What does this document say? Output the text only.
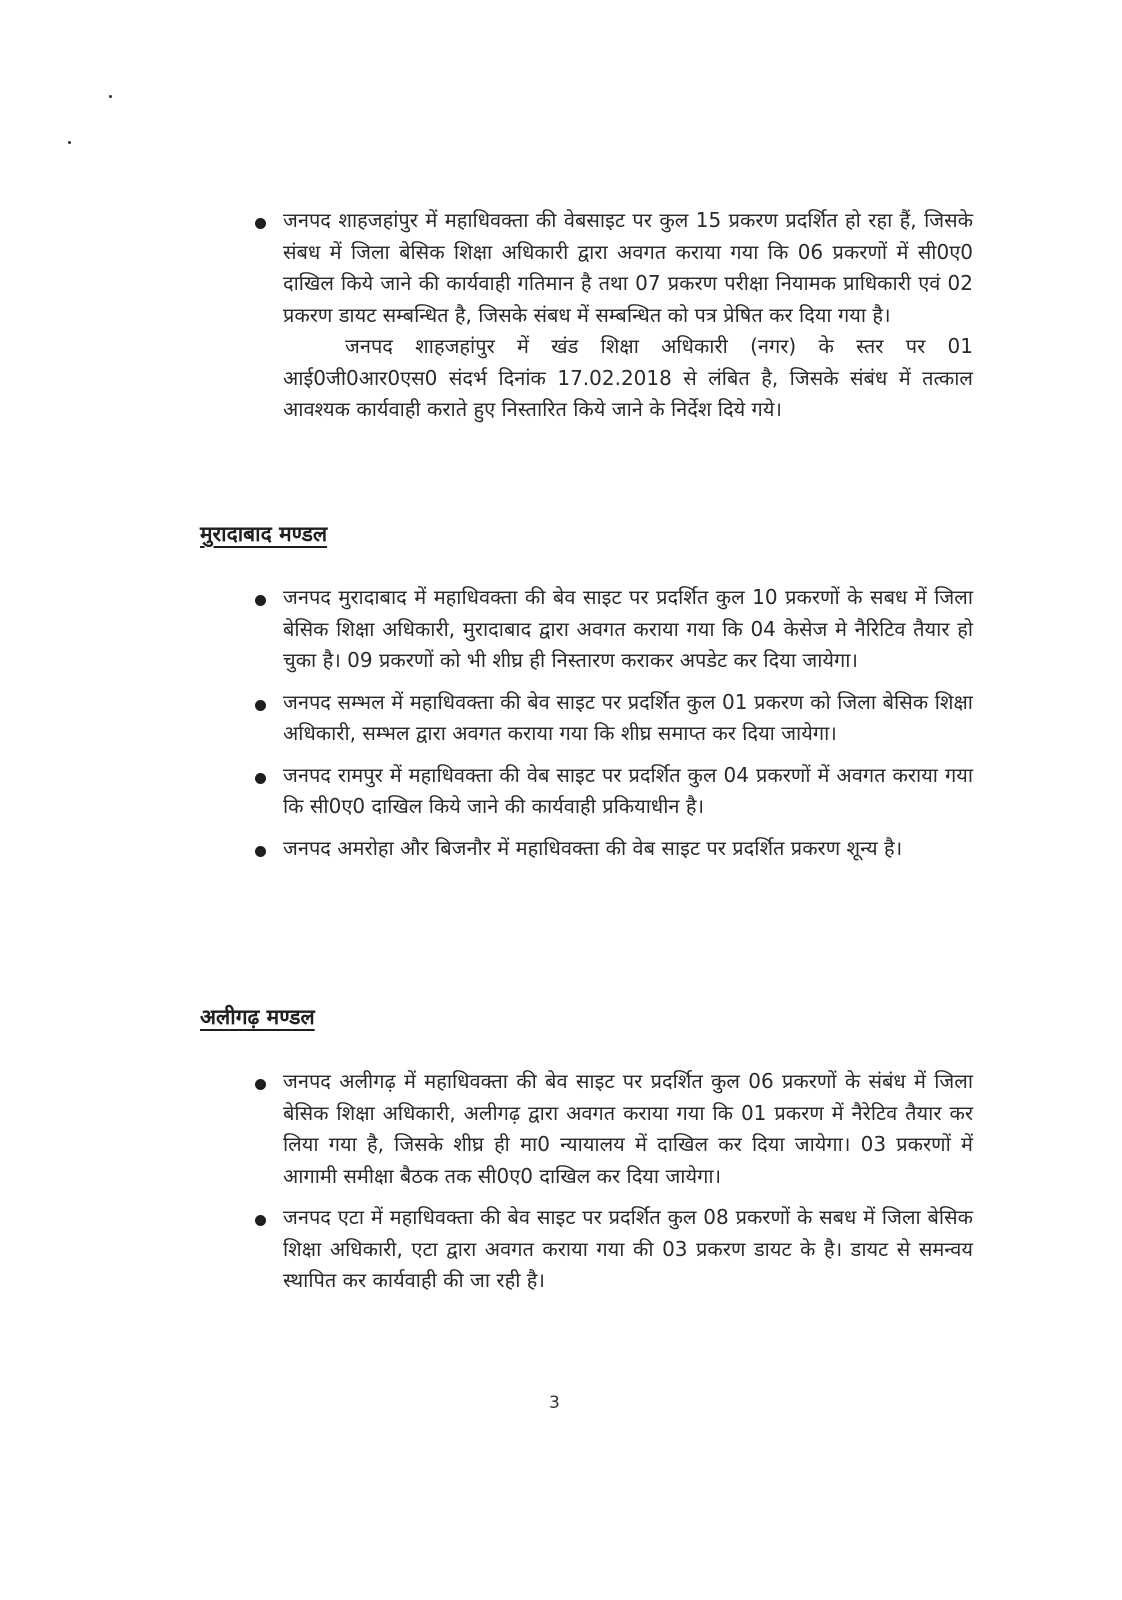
जनपद शाहजहांपुर में महाधिवक्ता की वेबसाइट पर कुल 15 प्रकरण प्रदर्शित हो रहा हैं, जिसके संबध में जिला बेसिक शिक्षा अधिकारी द्वारा अवगत कराया गया कि 06 प्रकरणों में सी0ए0 दाखिल किये जाने की कार्यवाही गतिमान है तथा 07 प्रकरण परीक्षा नियामक प्राधिकारी एवं 02 प्रकरण डायट सम्बन्धित है, जिसके संबध में सम्बन्धित को पत्र प्रेषित कर दिया गया है।

जनपद शाहजहांपुर में खंड शिक्षा अधिकारी (नगर) के स्तर पर 01 आई0जी0आर0एस0 संदर्भ दिनांक 17.02.2018 से लंबित है, जिसके संबंध में तत्काल आवश्यक कार्यवाही कराते हुए निस्तारित किये जाने के निर्देश दिये गये।

मुरादाबाद मण्डल

जनपद मुरादाबाद में महाधिवक्ता की बेव साइट पर प्रदर्शित कुल 10 प्रकरणों के सबध में जिला बेसिक शिक्षा अधिकारी, मुरादाबाद द्वारा अवगत कराया गया कि 04 केसेज मे नैरिटिव तैयार हो चुका है। 09 प्रकरणों को भी शीघ्र ही निस्तारण कराकर अपडेट कर दिया जायेगा।

जनपद सम्भल में महाधिवक्ता की बेव साइट पर प्रदर्शित कुल 01 प्रकरण को जिला बेसिक शिक्षा अधिकारी, सम्भल द्वारा अवगत कराया गया कि शीघ्र समाप्त कर दिया जायेगा।

जनपद रामपुर में महाधिवक्ता की वेब साइट पर प्रदर्शित कुल 04 प्रकरणों में अवगत कराया गया कि सी0ए0 दाखिल किये जाने की कार्यवाही प्रकियाधीन है।

जनपद अमरोहा और बिजनौर में महाधिवक्ता की वेब साइट पर प्रदर्शित प्रकरण शून्य है।

अलीगढ़ मण्डल

जनपद अलीगढ़ में महाधिवक्ता की बेव साइट पर प्रदर्शित कुल 06 प्रकरणों के संबंध में जिला बेसिक शिक्षा अधिकारी, अलीगढ़ द्वारा अवगत कराया गया कि 01 प्रकरण में नैरेटिव तैयार कर लिया गया है, जिसके शीघ्र ही मा0 न्यायालय में दाखिल कर दिया जायेगा। 03 प्रकरणों में आगामी समीक्षा बैठक तक सी0ए0 दाखिल कर दिया जायेगा।

जनपद एटा में महाधिवक्ता की बेव साइट पर प्रदर्शित कुल 08 प्रकरणों के सबध में जिला बेसिक शिक्षा अधिकारी, एटा द्वारा अवगत कराया गया की 03 प्रकरण डायट के है। डायट से समन्वय स्थापित कर कार्यवाही की जा रही है।

3
